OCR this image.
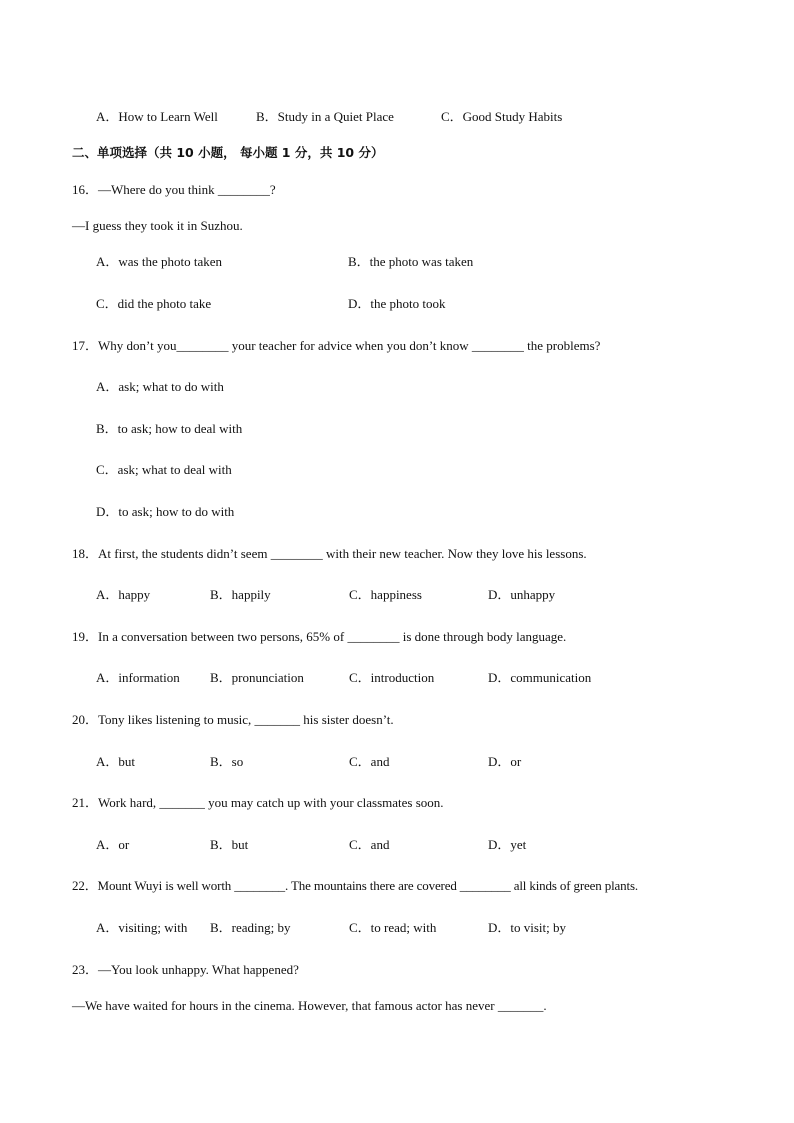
A．How to Learn Well	B．Study in a Quiet Place	C．Good Study Habits
二、单项选择（共 10 小题， 每小题 1 分，共 10 分）
16．—Where do you think ________?
—I guess they took it in Suzhou.
A．was the photo taken	B．the photo was taken
C．did the photo take	D．the photo took
17．Why don’t you________ your teacher for advice when you don’t know ________ the problems?
A．ask; what to do with
B．to ask; how to deal with
C．ask; what to deal with
D．to ask; how to do with
18．At first, the students didn’t seem ________ with their new teacher. Now they love his lessons.
A．happy	B．happily	C．happiness	D．unhappy
19．In a conversation between two persons, 65% of ________ is done through body language.
A．information B．pronunciation	C．introduction	D．communication
20．Tony likes listening to music, _______ his sister doesn’t.
A．but	B．so	C．and	D．or
21．Work hard, _______ you may catch up with your classmates soon.
A．or	B．but	C．and	D．yet
22．Mount Wuyi is well worth ________. The mountains there are covered ________ all kinds of green plants.
A．visiting; with B．reading; by	C．to read; with	D．to visit; by
23．—You look unhappy. What happened?
—We have waited for hours in the cinema. However, that famous actor has never _______.
